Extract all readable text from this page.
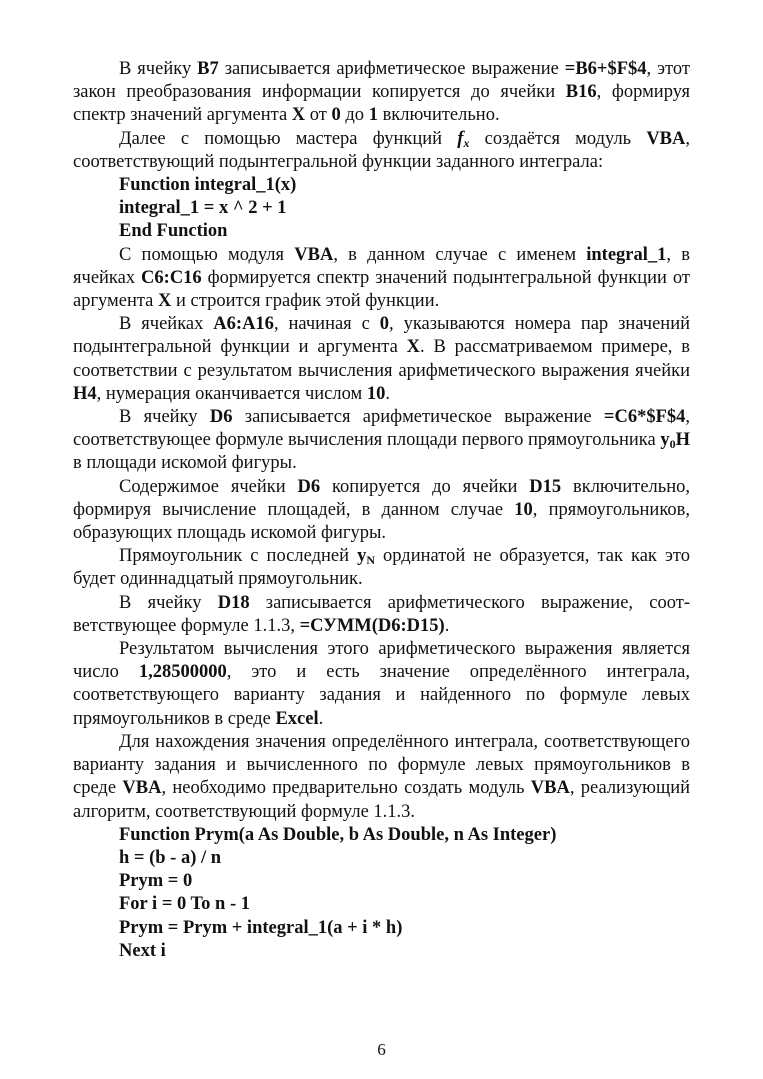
В ячейку B7 записывается арифметическое выражение =B6+$F$4, этот закон преобразования информации копируется до ячейки B16, формируя спектр значений аргумента X от 0 до 1 включительно.

Далее с помощью мастера функций $f_x$ создаётся модуль VBA, соответствующий подынтегральной функции заданного интеграла:

Function integral_1(x)
integral_1 = x ^ 2 + 1
End Function

С помощью модуля VBA, в данном случае с именем integral_1, в ячейках C6:C16 формируется спектр значений подынтегральной функции от аргумента X и строится график этой функции.

В ячейках A6:A16, начиная с 0, указываются номера пар значений подынтегральной функции и аргумента X. В рассматриваемом примере, в соответствии с результатом вычисления арифметического выражения ячейки H4, нумерация оканчивается числом 10.

В ячейку D6 записывается арифметическое выражение =C6*$F$4, соответствующее формуле вычисления площади первого прямоугольника $y_0H$ в площади искомой фигуры.

Содержимое ячейки D6 копируется до ячейки D15 включительно, формируя вычисление площадей, в данном случае 10, прямоугольников, образующих площадь искомой фигуры.

Прямоугольник с последней $y_N$ ординатой не образуется, так как это будет одиннадцатый прямоугольник.

В ячейку D18 записывается арифметического выражение, соответствующее формуле 1.1.3, =СУММ(D6:D15).

Результатом вычисления этого арифметического выражения является число 1,28500000, это и есть значение определённого интеграла, соответствующего варианту задания и найденного по формуле левых прямоугольников в среде Excel.

Для нахождения значения определённого интеграла, соответствующего варианту задания и вычисленного по формуле левых прямоугольников в среде VBA, необходимо предварительно создать модуль VBA, реализующий алгоритм, соответствующий формуле 1.1.3.

Function Prym(a As Double, b As Double, n As Integer)
h = (b - a) / n
Prym = 0
For i = 0 To n - 1
Prym = Prym + integral_1(a + i * h)
Next i
6
